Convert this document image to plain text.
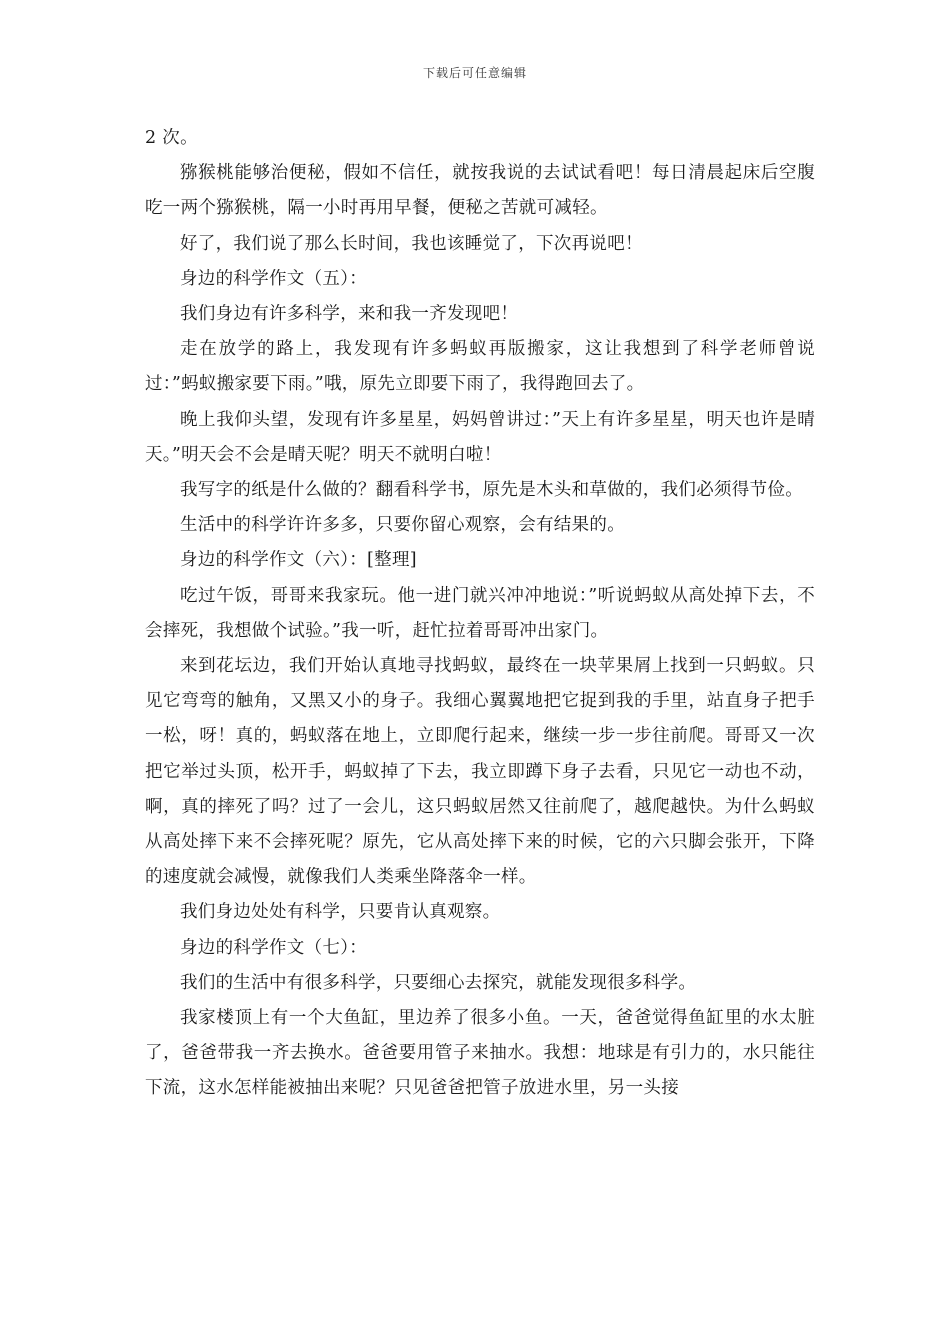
下载后可任意编辑

2 次。

猕猴桃能够治便秘，假如不信任，就按我说的去试试看吧！每日清晨起床后空腹吃一两个猕猴桃，隔一小时再用早餐，便秘之苦就可减轻。

好了，我们说了那么长时间，我也该睡觉了，下次再说吧！

身边的科学作文（五）：

我们身边有许多科学，来和我一齐发现吧！

走在放学的路上，我发现有许多蚂蚁再版搬家，这让我想到了科学老师曾说过：”蚂蚁搬家要下雨。”哦，原先立即要下雨了，我得跑回去了。

晚上我仰头望，发现有许多星星，妈妈曾讲过：”天上有许多星星，明天也许是晴天。”明天会不会是晴天呢？明天不就明白啦！

我写字的纸是什么做的？翻看科学书，原先是木头和草做的，我们必须得节俭。

生活中的科学许许多多，只要你留心观察，会有结果的。

身边的科学作文（六）：[整理]

吃过午饭，哥哥来我家玩。他一进门就兴冲冲地说：”听说蚂蚁从高处掉下去，不会摔死，我想做个试验。”我一听，赶忙拉着哥哥冲出家门。

来到花坛边，我们开始认真地寻找蚂蚁，最终在一块苹果屑上找到一只蚂蚁。只见它弯弯的触角，又黑又小的身子。我细心翼翼地把它捉到我的手里，站直身子把手一松，呀！真的，蚂蚁落在地上，立即爬行起来，继续一步一步往前爬。哥哥又一次把它举过头顶，松开手，蚂蚁掉了下去，我立即蹲下身子去看，只见它一动也不动，啊，真的摔死了吗？过了一会儿，这只蚂蚁居然又往前爬了，越爬越快。为什么蚂蚁从高处摔下来不会摔死呢？原先，它从高处摔下来的时候，它的六只脚会张开，下降的速度就会减慢，就像我们人类乘坐降落伞一样。

我们身边处处有科学，只要肯认真观察。

身边的科学作文（七）：

我们的生活中有很多科学，只要细心去探究，就能发现很多科学。

我家楼顶上有一个大鱼缸，里边养了很多小鱼。一天，爸爸觉得鱼缸里的水太脏了，爸爸带我一齐去换水。爸爸要用管子来抽水。我想：地球是有引力的，水只能往下流，这水怎样能被抽出来呢？只见爸爸把管子放进水里，另一头接
